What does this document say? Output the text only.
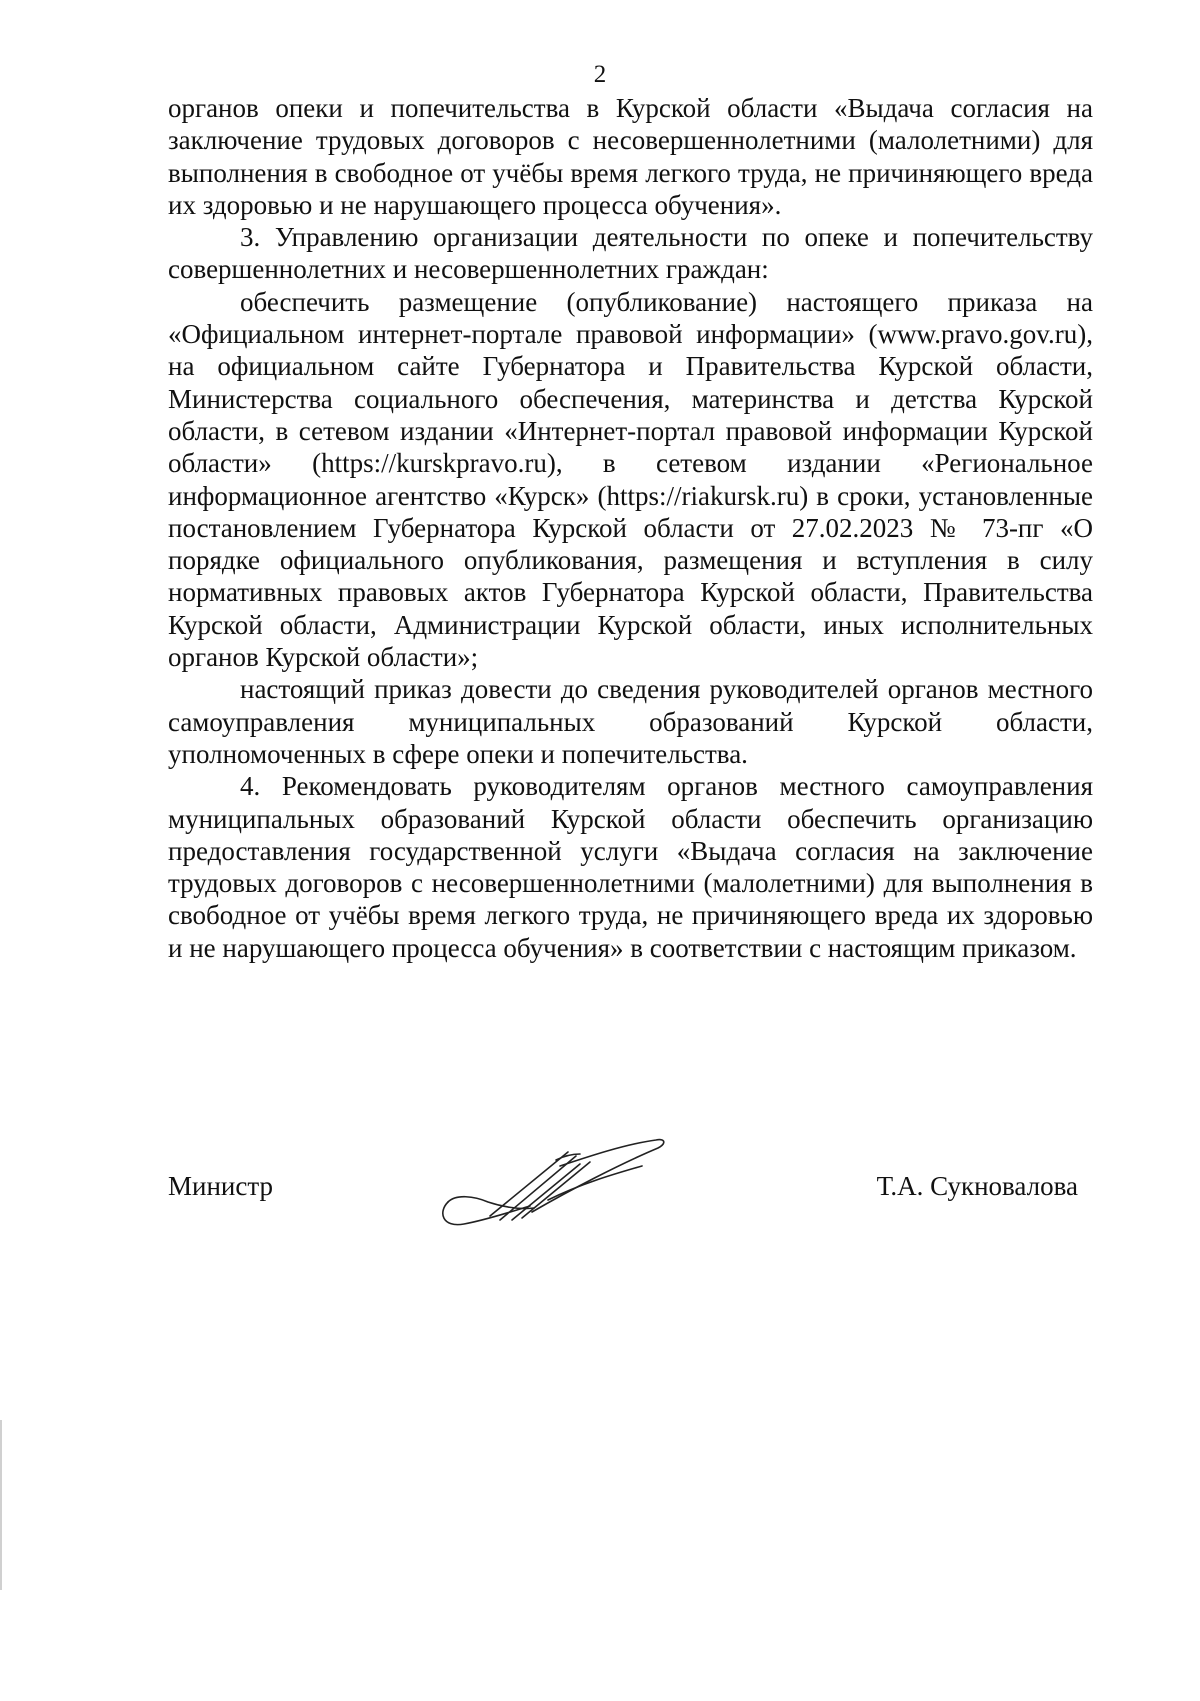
2

органов опеки и попечительства в Курской области «Выдача согласия на заключение трудовых договоров с несовершеннолетними (малолетними) для выполнения в свободное от учёбы время легкого труда, не причиняющего вреда их здоровью и не нарушающего процесса обучения».

3. Управлению организации деятельности по опеке и попечительству совершеннолетних и несовершеннолетних граждан:

обеспечить размещение (опубликование) настоящего приказа на «Официальном интернет-портале правовой информации» (www.pravo.gov.ru), на официальном сайте Губернатора и Правительства Курской области, Министерства социального обеспечения, материнства и детства Курской области, в сетевом издании «Интернет-портал правовой информации Курской области» (https://kurskpravo.ru), в сетевом издании «Региональное информационное агентство «Курск» (https://riakursk.ru) в сроки, установленные постановлением Губернатора Курской области от 27.02.2023 № 73-пг «О порядке официального опубликования, размещения и вступления в силу нормативных правовых актов Губернатора Курской области, Правительства Курской области, Администрации Курской области, иных исполнительных органов Курской области»;

настоящий приказ довести до сведения руководителей органов местного самоуправления муниципальных образований Курской области, уполномоченных в сфере опеки и попечительства.

4. Рекомендовать руководителям органов местного самоуправления муниципальных образований Курской области обеспечить организацию предоставления государственной услуги «Выдача согласия на заключение трудовых договоров с несовершеннолетними (малолетними) для выполнения в свободное от учёбы время легкого труда, не причиняющего вреда их здоровью и не нарушающего процесса обучения» в соответствии с настоящим приказом.

Министр	Т.А. Сукновалова
